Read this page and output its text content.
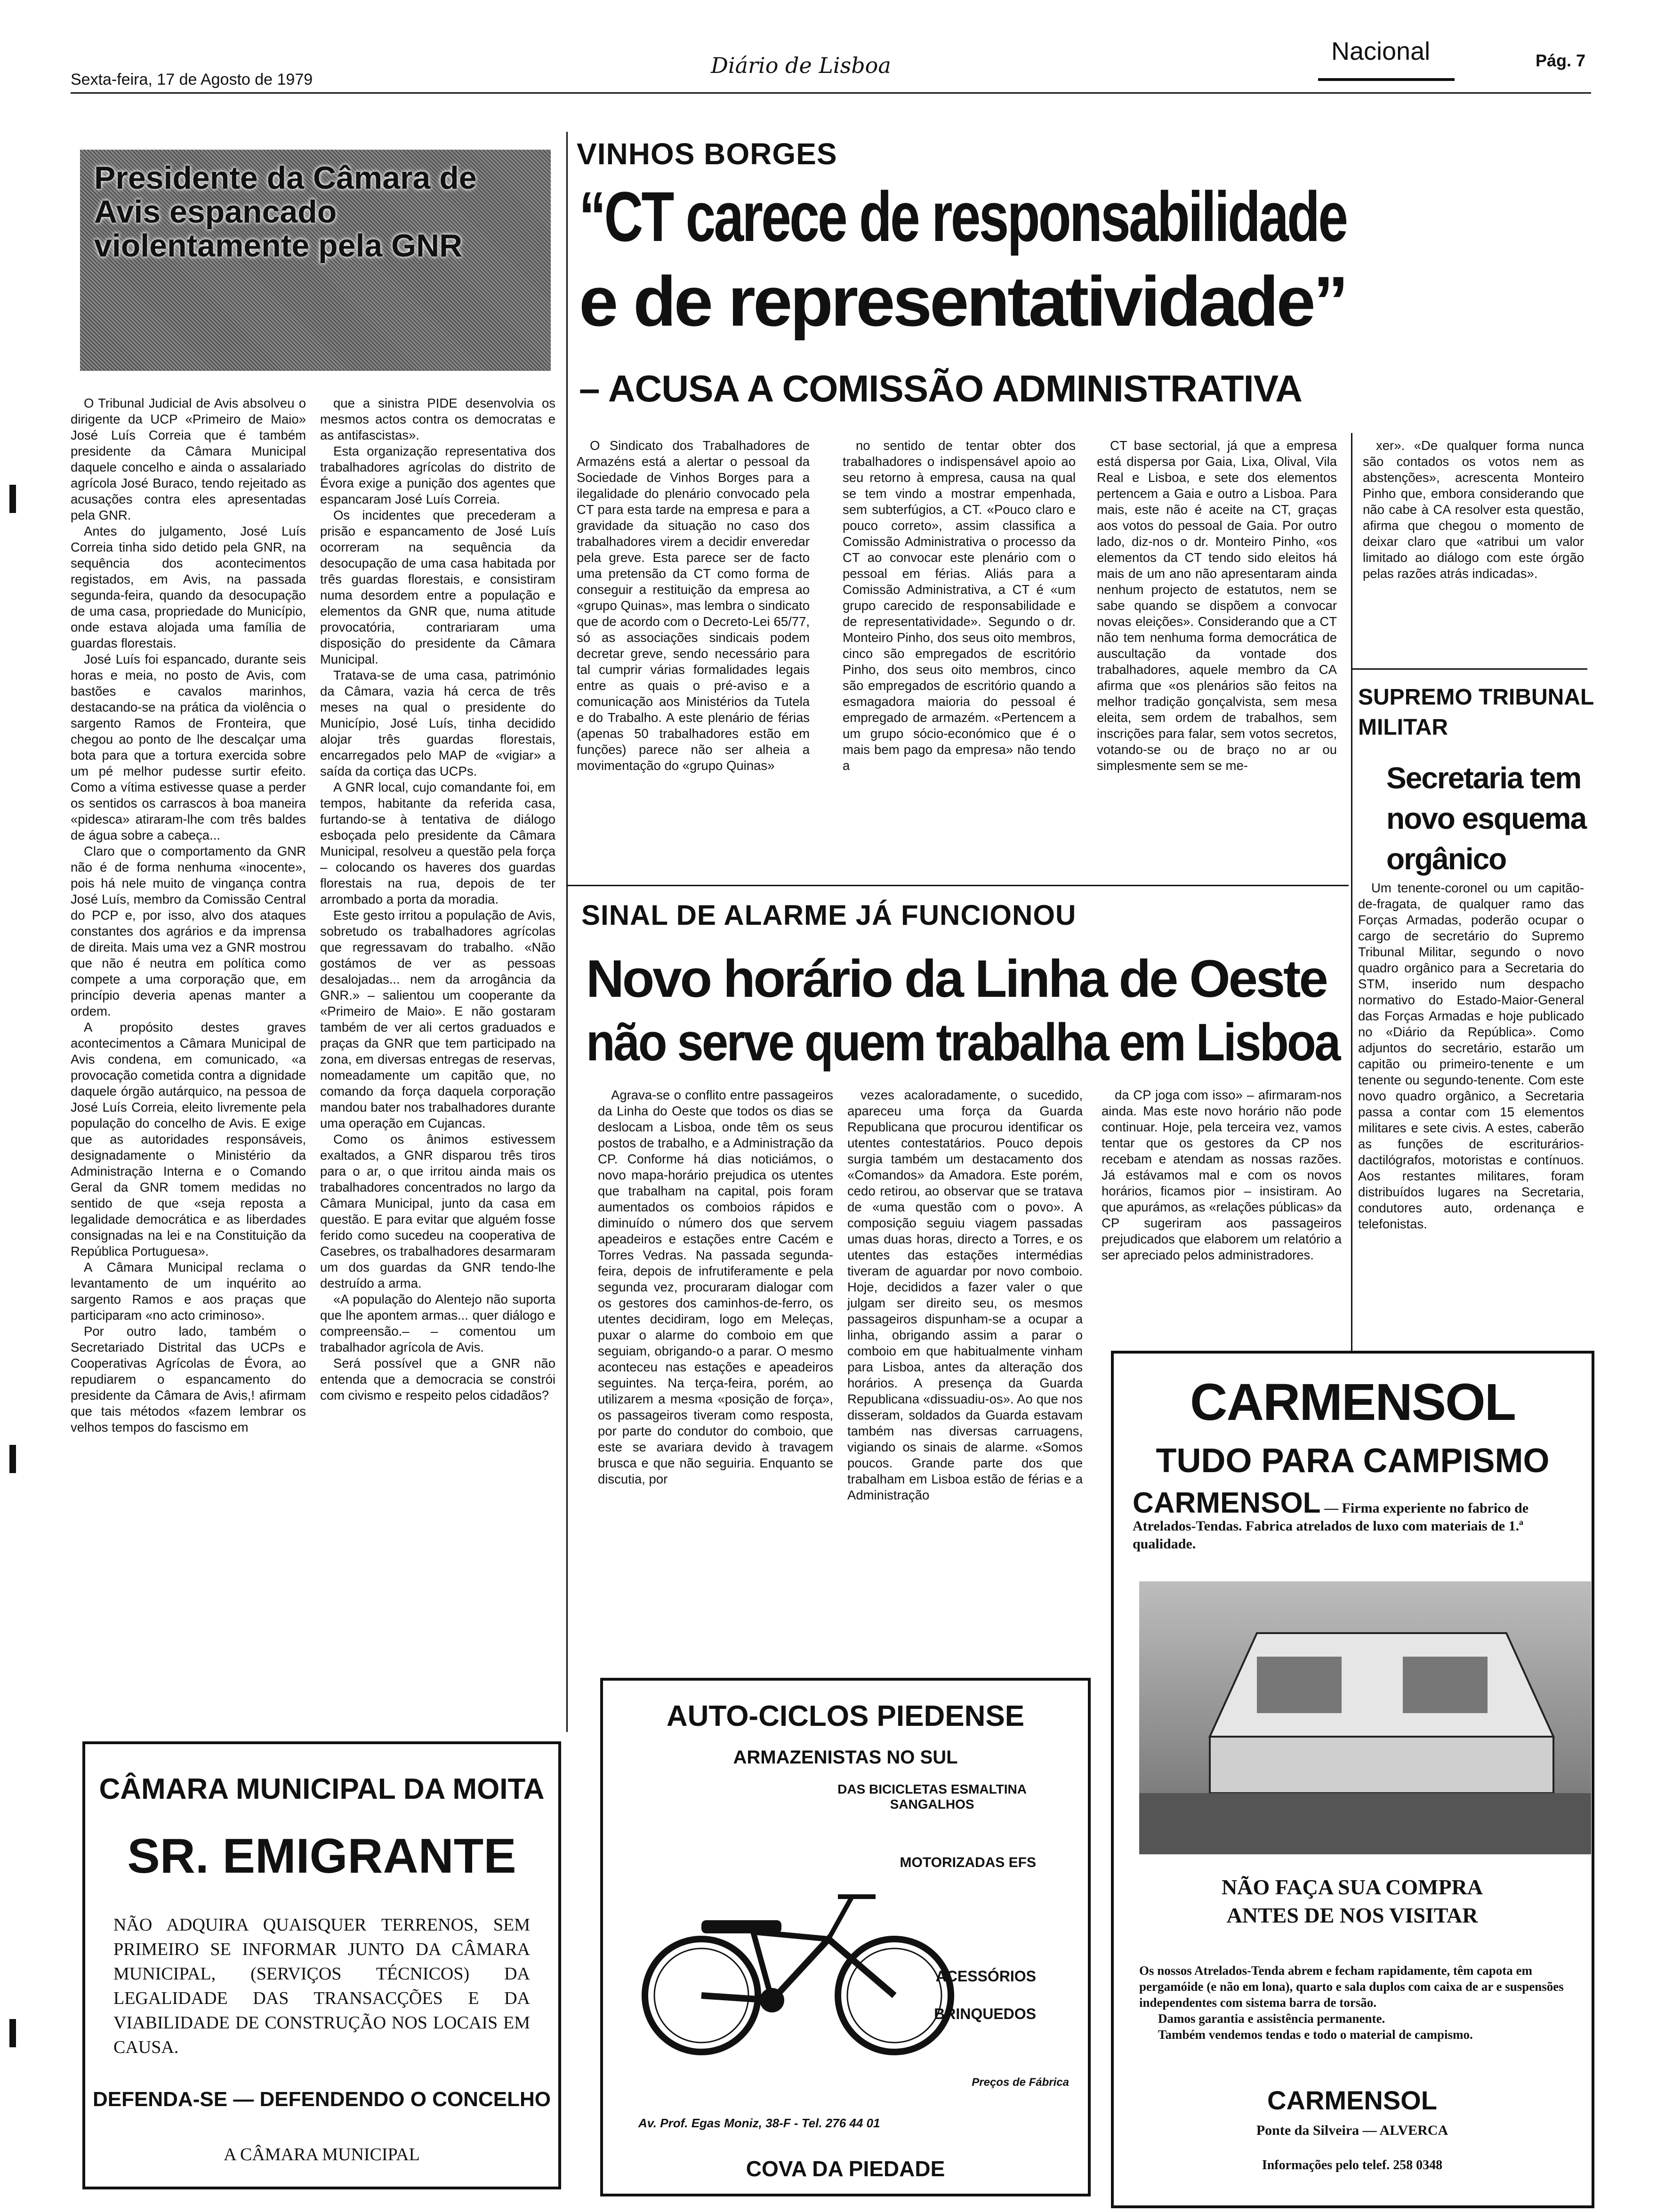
Sexta-feira, 17 de Agosto de 1979
Diário de Lisboa	Nacional	Pág. 7
Presidente da Câmara de Avis espancado violentamente pela GNR

O Tribunal Judicial de Avis absolveu o dirigente da UCP «Primeiro de Maio» José Luís Correia que é também presidente da Câmara Municipal daquele concelho e ainda o assalariado agrícola José Buraco, tendo rejeitado as acusações contra eles apresentadas pela GNR.

Antes do julgamento, José Luís Correia tinha sido detido pela GNR, na sequência dos acontecimentos registados, em Avis, na passada segunda-feira, quando da desocupação de uma casa, propriedade do Município, onde estava alojada uma família de guardas florestais.

José Luís foi espancado, durante seis horas e meia, no posto de Avis, com bastões e cavalos marinhos, destacando-se na prática da violência o sargento Ramos de Fronteira, que chegou ao ponto de lhe descalçar uma bota para que a tortura exercida sobre um pé melhor pudesse surtir efeito. Como a vítima estivesse quase a perder os sentidos os carrascos à boa maneira «pidesca» atiraram-lhe com três baldes de água sobre a cabeça...

Claro que o comportamento da GNR não é de forma nenhuma «inocente», pois há nele muito de vingança contra José Luís, membro da Comissão Central do PCP e, por isso, alvo dos ataques constantes dos agrários e da imprensa de direita. Mais uma vez a GNR mostrou que não é neutra em política como compete a uma corporação que, em princípio deveria apenas manter a ordem.

A propósito destes graves acontecimentos a Câmara Municipal de Avis condena, em comunicado, «a provocação cometida contra a dignidade daquele órgão autárquico, na pessoa de José Luís Correia, eleito livremente pela população do concelho de Avis. E exige que as autoridades responsáveis, designadamente o Ministério da Administração Interna e o Comando Geral da GNR tomem medidas no sentido de que «seja reposta a legalidade democrática e as liberdades consignadas na lei e na Constituição da República Portuguesa».

A Câmara Municipal reclama o levantamento de um inquérito ao sargento Ramos e aos praças que participaram «no acto criminoso».

Por outro lado, também o Secretariado Distrital das UCPs e Cooperativas Agrícolas de Évora, ao repudiarem o espancamento do presidente da Câmara de Avis,! afirmam que tais métodos «fazem lembrar os velhos tempos do fascismo em

que a sinistra PIDE desenvolvia os mesmos actos contra os democratas e as antifascistas».

Esta organização representativa dos trabalhadores agrícolas do distrito de Évora exige a punição dos agentes que espancaram José Luís Correia.

Os incidentes que precederam a prisão e espancamento de José Luís ocorreram na sequência da desocupação de uma casa habitada por três guardas florestais, e consistiram numa desordem entre a população e elementos da GNR que, numa atitude provocatória, contrariaram uma disposição do presidente da Câmara Municipal.

Tratava-se de uma casa, património da Câmara, vazia há cerca de três meses na qual o presidente do Município, José Luís, tinha decidido alojar três guardas florestais, encarregados pelo MAP de «vigiar» a saída da cortiça das UCPs.

A GNR local, cujo comandante foi, em tempos, habitante da referida casa, furtando-se à tentativa de diálogo esboçada pelo presidente da Câmara Municipal, resolveu a questão pela força – colocando os haveres dos guardas florestais na rua, depois de ter arrombado a porta da moradia.

Este gesto irritou a população de Avis, sobretudo os trabalhadores agrícolas que regressavam do trabalho. «Não gostámos de ver as pessoas desalojadas... nem da arrogância da GNR.» – salientou um cooperante da «Primeiro de Maio». E não gostaram também de ver ali certos graduados e praças da GNR que tem participado na zona, em diversas entregas de reservas, nomeadamente um capitão que, no comando da força daquela corporação mandou bater nos trabalhadores durante uma operação em Cujancas.

Como os ânimos estivessem exaltados, a GNR disparou três tiros para o ar, o que irritou ainda mais os trabalhadores concentrados no largo da Câmara Municipal, junto da casa em questão. E para evitar que alguém fosse ferido como sucedeu na cooperativa de Casebres, os trabalhadores desarmaram um dos guardas da GNR tendo-lhe destruído a arma.

«A população do Alentejo não suporta que lhe apontem armas... quer diálogo e compreensão.– – comentou um trabalhador agrícola de Avis.

Será possível que a GNR não entenda que a democracia se constrói com civismo e respeito pelos cidadãos?

VINHOS BORGES
“CT carece de responsabilidade
e de representatividade”
– ACUSA A COMISSÃO ADMINISTRATIVA

O Sindicato dos Trabalhadores de Armazéns está a alertar o pessoal da Sociedade de Vinhos Borges para a ilegalidade do plenário convocado pela CT para esta tarde na empresa e para a gravidade da situação no caso dos trabalhadores virem a decidir enveredar pela greve. Esta parece ser de facto uma pretensão da CT como forma de conseguir a restituição da empresa ao «grupo Quinas», mas lembra o sindicato que de acordo com o Decreto-Lei 65/77, só as associações sindicais podem decretar greve, sendo necessário para tal cumprir várias formalidades legais entre as quais o pré-aviso e a comunicação aos Ministérios da Tutela e do Trabalho. A este plenário de férias (apenas 50 trabalhadores estão em funções) parece não ser alheia a movimentação do «grupo Quinas»

no sentido de tentar obter dos trabalhadores o indispensável apoio ao seu retorno à empresa, causa na qual se tem vindo a mostrar empenhada, sem subterfúgios, a CT. «Pouco claro e pouco correto», assim classifica a Comissão Administrativa o processo da CT ao convocar este plenário com o pessoal em férias. Aliás para a Comissão Administrativa, a CT é «um grupo carecido de responsabilidade e de representatividade». Segundo o dr. Monteiro Pinho, dos seus oito membros, cinco são empregados de escritório Pinho, dos seus oito membros, cinco são empregados de escritório quando a esmagadora maioria do pessoal é empregado de armazém. «Pertencem a um grupo sócio-económico que é o mais bem pago da empresa» não tendo a

CT base sectorial, já que a empresa está dispersa por Gaia, Lixa, Olival, Vila Real e Lisboa, e sete dos elementos pertencem a Gaia e outro a Lisboa. Para mais, este não é aceite na CT, graças aos votos do pessoal de Gaia. Por outro lado, diz-nos o dr. Monteiro Pinho, «os elementos da CT tendo sido eleitos há mais de um ano não apresentaram ainda nenhum projecto de estatutos, nem se sabe quando se dispõem a convocar novas eleições». Considerando que a CT não tem nenhuma forma democrática de auscultação da vontade dos trabalhadores, aquele membro da CA afirma que «os plenários são feitos na melhor tradição gonçalvista, sem mesa eleita, sem ordem de trabalhos, sem inscrições para falar, sem votos secretos, votando-se ou de braço no ar ou simplesmente sem se me-

xer». «De qualquer forma nunca são contados os votos nem as abstenções», acrescenta Monteiro Pinho que, embora considerando que não cabe à CA resolver esta questão, afirma que chegou o momento de deixar claro que «atribui um valor limitado ao diálogo com este órgão pelas razões atrás indicadas».

SUPREMO TRIBUNAL
MILITAR
Secretaria tem
novo esquema
orgânico

Um tenente-coronel ou um capitão-de-fragata, de qualquer ramo das Forças Armadas, poderão ocupar o cargo de secretário do Supremo Tribunal Militar, segundo o novo quadro orgânico para a Secretaria do STM, inserido num despacho normativo do Estado-Maior-General das Forças Armadas e hoje publicado no «Diário da República». Como adjuntos do secretário, estarão um capitão ou primeiro-tenente e um tenente ou segundo-tenente. Com este novo quadro orgânico, a Secretaria passa a contar com 15 elementos militares e sete civis. A estes, caberão as funções de escriturários-dactilógrafos, motoristas e contínuos. Aos restantes militares, foram distribuídos lugares na Secretaria, condutores auto, ordenança e telefonistas.

SINAL DE ALARME JÁ FUNCIONOU
Novo horário da Linha de Oeste
não serve quem trabalha em Lisboa

Agrava-se o conflito entre passageiros da Linha do Oeste que todos os dias se deslocam a Lisboa, onde têm os seus postos de trabalho, e a Administração da CP. Conforme há dias noticiámos, o novo mapa-horário prejudica os utentes que trabalham na capital, pois foram aumentados os comboios rápidos e diminuído o número dos que servem apeadeiros e estações entre Cacém e Torres Vedras. Na passada segunda-feira, depois de infrutiferamente e pela segunda vez, procuraram dialogar com os gestores dos caminhos-de-ferro, os utentes decidiram, logo em Meleças, puxar o alarme do comboio em que seguiam, obrigando-o a parar. O mesmo aconteceu nas estações e apeadeiros seguintes. Na terça-feira, porém, ao utilizarem a mesma «posição de força», os passageiros tiveram como resposta, por parte do condutor do comboio, que este se avariara devido à travagem brusca e que não seguiria. Enquanto se discutia, por

vezes acaloradamente, o sucedido, apareceu uma força da Guarda Republicana que procurou identificar os utentes contestatários. Pouco depois surgia também um destacamento dos «Comandos» da Amadora. Este porém, cedo retirou, ao observar que se tratava de «uma questão com o povo». A composição seguiu viagem passadas umas duas horas, directo a Torres, e os utentes das estações intermédias tiveram de aguardar por novo comboio. Hoje, decididos a fazer valer o que julgam ser direito seu, os mesmos passageiros dispunham-se a ocupar a linha, obrigando assim a parar o comboio em que habitualmente vinham para Lisboa, antes da alteração dos horários. A presença da Guarda Republicana «dissuadiu-os». Ao que nos disseram, soldados da Guarda estavam também nas diversas carruagens, vigiando os sinais de alarme. «Somos poucos. Grande parte dos que trabalham em Lisboa estão de férias e a Administração

da CP joga com isso» – afirmaram-nos ainda. Mas este novo horário não pode continuar. Hoje, pela terceira vez, vamos tentar que os gestores da CP nos recebam e atendam as nossas razões. Já estávamos mal e com os novos horários, ficamos pior – insistiram. Ao que apurámos, as «relações públicas» da CP sugeriram aos passageiros prejudicados que elaborem um relatório a ser apreciado pelos administradores.

CÂMARA MUNICIPAL DA MOITA
SR. EMIGRANTE
NÃO ADQUIRA QUAISQUER TERRENOS, SEM PRIMEIRO SE INFORMAR JUNTO DA CÂMARA MUNICIPAL, (SERVIÇOS TÉCNICOS) DA LEGALIDADE DAS TRANSACÇÕES E DA VIABILIDADE DE CONSTRUÇÃO NOS LOCAIS EM CAUSA.
DEFENDA-SE — DEFENDENDO O CONCELHO
A CÂMARA MUNICIPAL
AUTO-CICLOS PIEDENSE
ARMAZENISTAS NO SUL
DAS BICICLETAS ESMALTINA
SANGALHOS
MOTORIZADAS EFS
ACESSÓRIOS
BRINQUEDOS
Preços de Fábrica
Av. Prof. Egas Moniz, 38-F - Tel. 276 44 01
COVA DA PIEDADE
CARMENSOL
TUDO PARA CAMPISMO
CARMENSOL — Firma experiente no fabrico de Atrelados-Tendas. Fabrica atrelados de luxo com materiais de 1.ª qualidade.
NÃO FAÇA SUA COMPRA
ANTES DE NOS VISITAR
Os nossos Atrelados-Tenda abrem e fecham rapidamente, têm capota em pergamóide (e não em lona), quarto e sala duplos com caixa de ar e suspensões independentes com sistema barra de torsão.
Damos garantia e assistência permanente.
Também vendemos tendas e todo o material de campismo.
CARMENSOL
Ponte da Silveira — ALVERCA
Informações pelo telef. 258 0348
